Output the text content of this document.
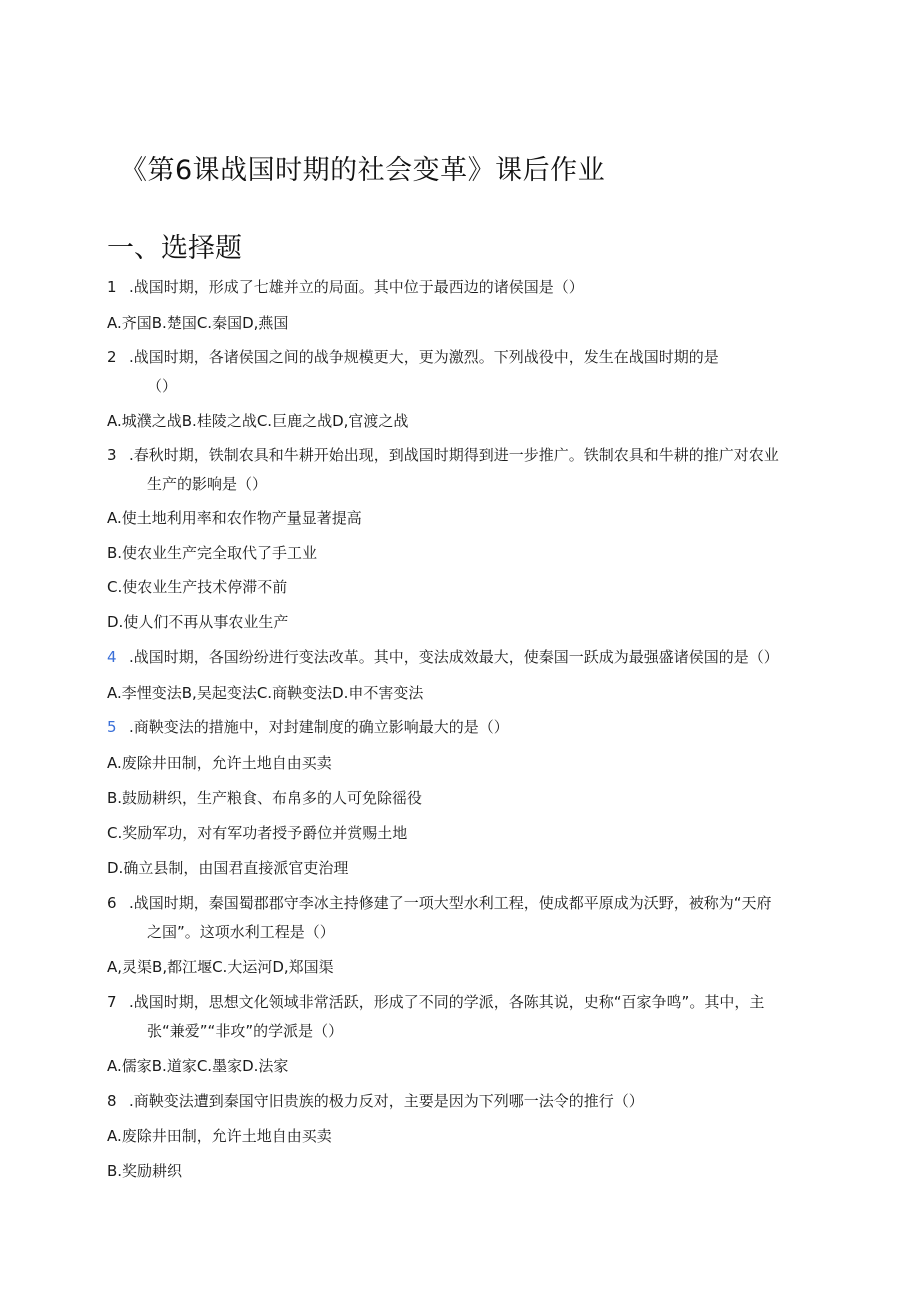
《第6课战国时期的社会变革》课后作业
一、选择题
1 .战国时期，形成了七雄并立的局面。其中位于最西边的诸侯国是（）
A.齐国B.楚国C.秦国D,燕国
2 .战国时期，各诸侯国之间的战争规模更大，更为激烈。下列战役中，发生在战国时期的是
（）
A.城濮之战B.桂陵之战C.巨鹿之战D,官渡之战
3 .春秋时期，铁制农具和牛耕开始出现，到战国时期得到进一步推广。铁制农具和牛耕的推广对农业
生产的影响是（）
A.使土地利用率和农作物产量显著提高
B.使农业生产完全取代了手工业
C.使农业生产技术停滞不前
D.使人们不再从事农业生产
4 .战国时期，各国纷纷进行变法改革。其中，变法成效最大，使秦国一跃成为最强盛诸侯国的是（）
A.李悝变法B,吴起变法C.商鞅变法D.申不害变法
5 .商鞅变法的措施中，对封建制度的确立影响最大的是（）
A.废除井田制，允许土地自由买卖
B.鼓励耕织，生产粮食、布帛多的人可免除徭役
C.奖励军功，对有军功者授予爵位并赏赐土地
D.确立县制，由国君直接派官吏治理
6 .战国时期，秦国蜀郡郡守李冰主持修建了一项大型水利工程，使成都平原成为沃野，被称为“天府
之国”。这项水利工程是（）
A,灵渠B,都江堰C.大运河D,郑国渠
7 .战国时期，思想文化领域非常活跃，形成了不同的学派，各陈其说，史称“百家争鸣”。其中，主
张“兼爱”“非攻”的学派是（）
A.儒家B.道家C.墨家D.法家
8 .商鞅变法遭到秦国守旧贵族的极力反对，主要是因为下列哪一法令的推行（）
A.废除井田制，允许土地自由买卖
B.奖励耕织
